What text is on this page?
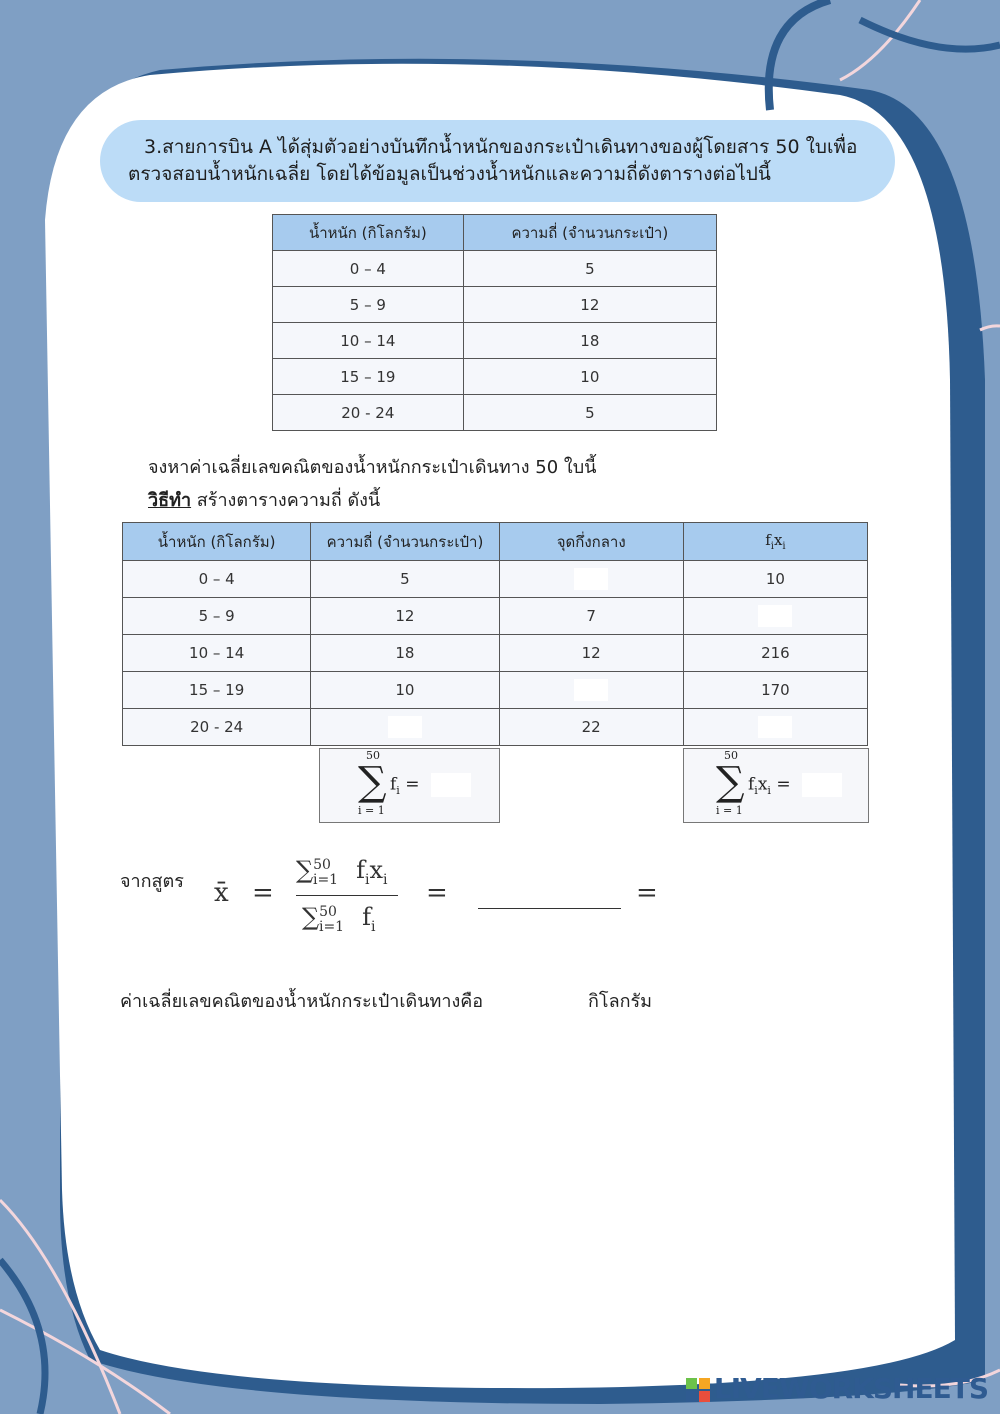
3.สายการบิน A ได้สุ่มตัวอย่างบันทึกน้ำหนักของกระเป๋าเดินทางของผู้โดยสาร 50 ใบเพื่อ
ตรวจสอบน้ำหนักเฉลี่ย โดยได้ข้อมูลเป็นช่วงน้ำหนักและความถี่ดังตารางต่อไปนี้
น้ำหนัก (กิโลกรัม)	ความถี่ (จำนวนกระเป๋า)
0 – 4	5
5 – 9	12
10 – 14	18
15 – 19	10
20 - 24	5
จงหาค่าเฉลี่ยเลขคณิตของน้ำหนักกระเป๋าเดินทาง 50 ใบนี้
วิธีทำ สร้างตารางความถี่ ดังนี้
น้ำหนัก (กิโลกรัม)	ความถี่ (จำนวนกระเป๋า)	จุดกึ่งกลาง	$f_ix_i$
0 – 4	5		10
5 – 9	12	7	
10 – 14	18	12	216
15 – 19	10		170
20 - 24		22	
50
∑
i = 1
$f_i$ =
50
∑
i = 1
$f_ix_i$ =
จากสูตร x̄ =
∑$^{50}_{i=1}$ $f_ix_i$
∑$^{50}_{i=1}$ $f_i$
=	=
ค่าเฉลี่ยเลขคณิตของน้ำหนักกระเป๋าเดินทางคือ	กิโลกรัม
LIVEWORKSHEETS
